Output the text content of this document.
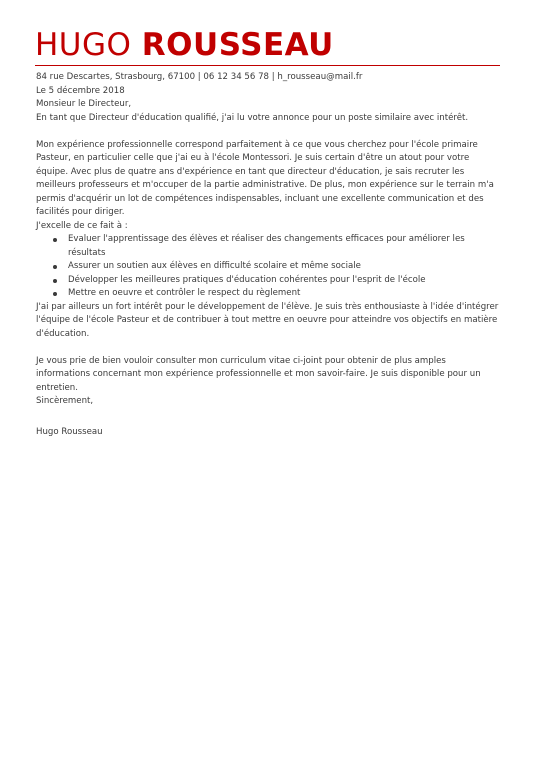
HUGO ROUSSEAU

84 rue Descartes, Strasbourg, 67100 | 06 12 34 56 78 | h_rousseau@mail.fr

Le 5 décembre 2018

Monsieur le Directeur,

En tant que Directeur d'éducation qualifié, j'ai lu votre annonce pour un poste similaire avec intérêt.

Mon expérience professionnelle correspond parfaitement à ce que vous cherchez pour l'école primaire Pasteur, en particulier celle que j'ai eu à l'école Montessori. Je suis certain d'être un atout pour votre équipe. Avec plus de quatre ans d'expérience en tant que directeur d'éducation, je sais recruter les meilleurs professeurs et m'occuper de la partie administrative. De plus, mon expérience sur le terrain m'a permis d'acquérir un lot de compétences indispensables, incluant une excellente communication et des facilités pour diriger.

J'excelle de ce fait à :

Evaluer l'apprentissage des élèves et réaliser des changements efficaces pour améliorer les résultats
Assurer un soutien aux élèves en difficulté scolaire et même sociale
Développer les meilleures pratiques d'éducation cohérentes pour l'esprit de l'école
Mettre en oeuvre et contrôler le respect du règlement

J'ai par ailleurs un fort intérêt pour le développement de l'élève. Je suis très enthousiaste à l'idée d'intégrer l'équipe de l'école Pasteur et de contribuer à tout mettre en oeuvre pour atteindre vos objectifs en matière d'éducation.

Je vous prie de bien vouloir consulter mon curriculum vitae ci-joint pour obtenir de plus amples informations concernant mon expérience professionnelle et mon savoir-faire. Je suis disponible pour un entretien.

Sincèrement,

Hugo Rousseau
